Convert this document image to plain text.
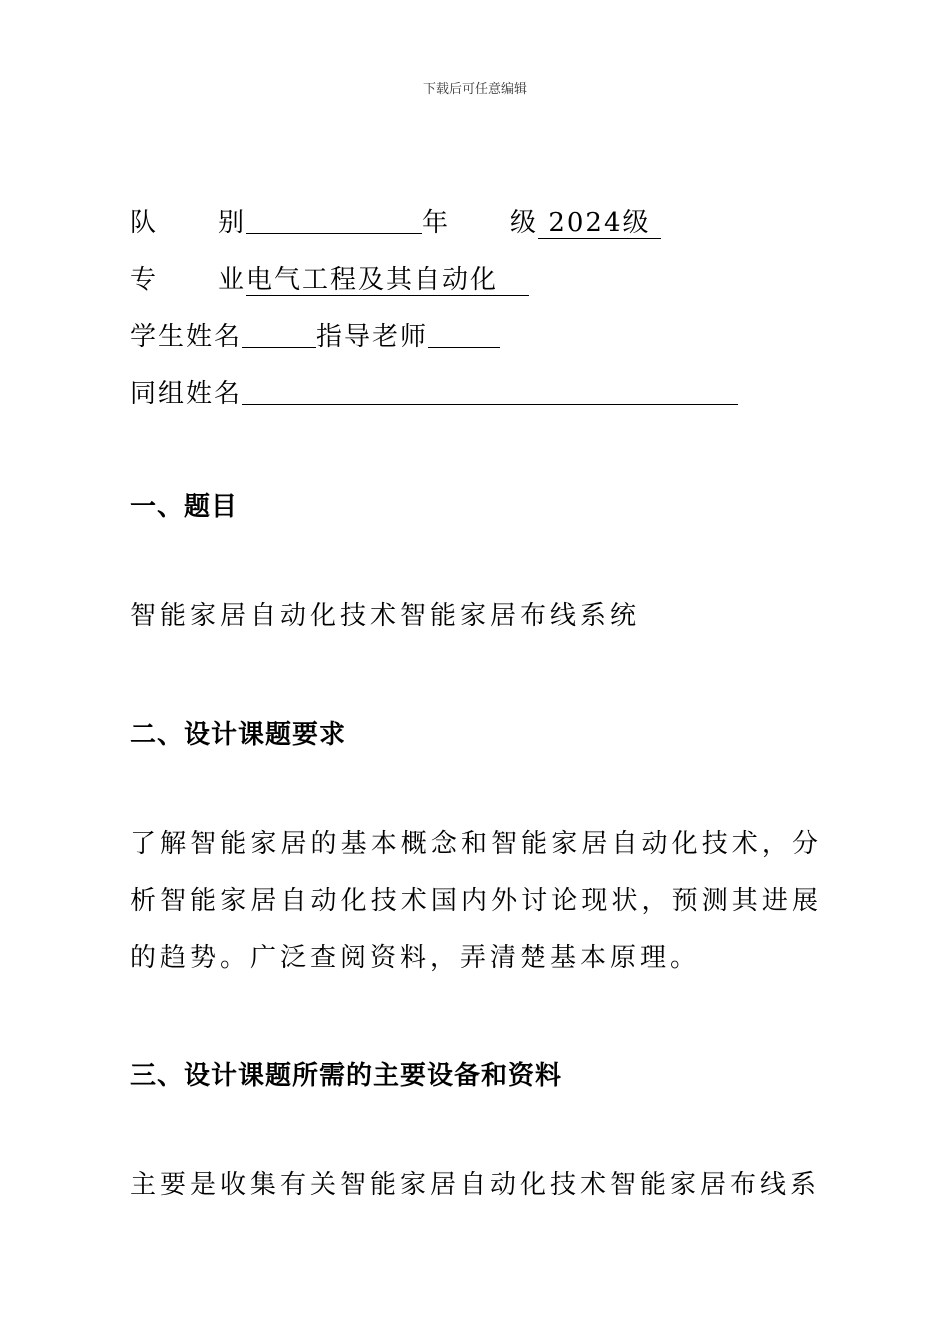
下载后可任意编辑
队 别	年 级 2024级
专 业电气工程及其自动化
学生姓名	指导老师
同组姓名
一、题目
智能家居自动化技术智能家居布线系统
二、设计课题要求
了解智能家居的基本概念和智能家居自动化技术，分析智能家居自动化技术国内外讨论现状，预测其进展的趋势。广泛查阅资料，弄清楚基本原理。
三、设计课题所需的主要设备和资料
主要是收集有关智能家居自动化技术智能家居布线系
